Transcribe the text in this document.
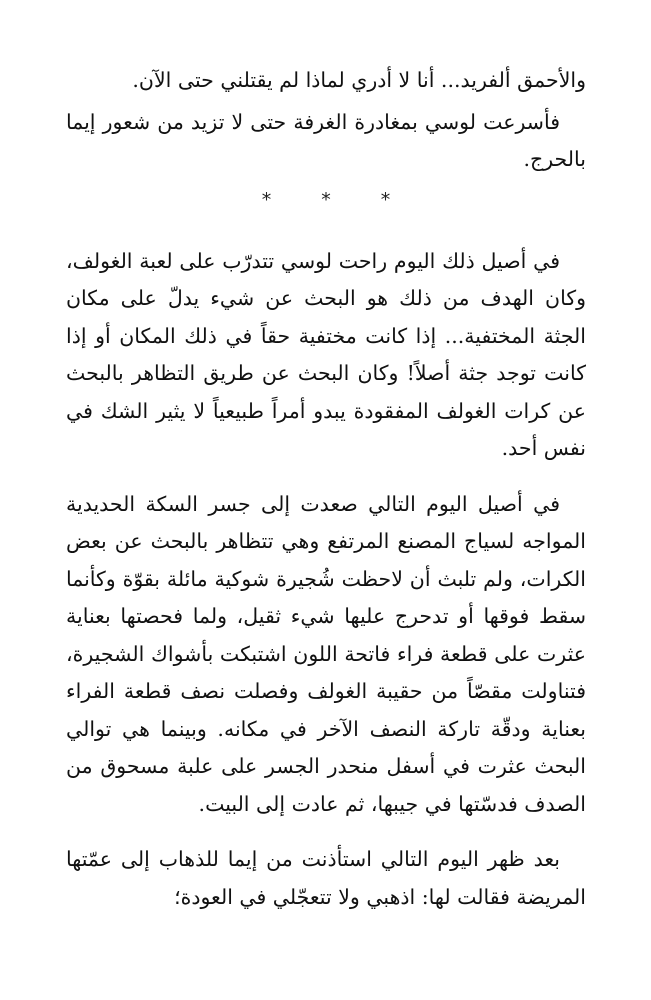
والأحمق ألفريد... أنا لا أدري لماذا لم يقتلني حتى الآن.

فأسرعت لوسي بمغادرة الغرفة حتى لا تزيد من شعور إيما بالحرج.

* * *

في أصيل ذلك اليوم راحت لوسي تتدرّب على لعبة الغولف، وكان الهدف من ذلك هو البحث عن شيء يدلّ على مكان الجثة المختفية... إذا كانت مختفية حقاً في ذلك المكان أو إذا كانت توجد جثة أصلاً! وكان البحث عن طريق التظاهر بالبحث عن كرات الغولف المفقودة يبدو أمراً طبيعياً لا يثير الشك في نفس أحد.

في أصيل اليوم التالي صعدت إلى جسر السكة الحديدية المواجه لسياج المصنع المرتفع وهي تتظاهر بالبحث عن بعض الكرات، ولم تلبث أن لاحظت شُجيرة شوكية مائلة بقوّة وكأنما سقط فوقها أو تدحرج عليها شيء ثقيل، ولما فحصتها بعناية عثرت على قطعة فراء فاتحة اللون اشتبكت بأشواك الشجيرة، فتناولت مقصّاً من حقيبة الغولف وفصلت نصف قطعة الفراء بعناية ودقّة تاركة النصف الآخر في مكانه. وبينما هي توالي البحث عثرت في أسفل منحدر الجسر على علبة مسحوق من الصدف فدسّتها في جيبها، ثم عادت إلى البيت.

بعد ظهر اليوم التالي استأذنت من إيما للذهاب إلى عمّتها المريضة فقالت لها: اذهبي ولا تتعجّلي في العودة؛
